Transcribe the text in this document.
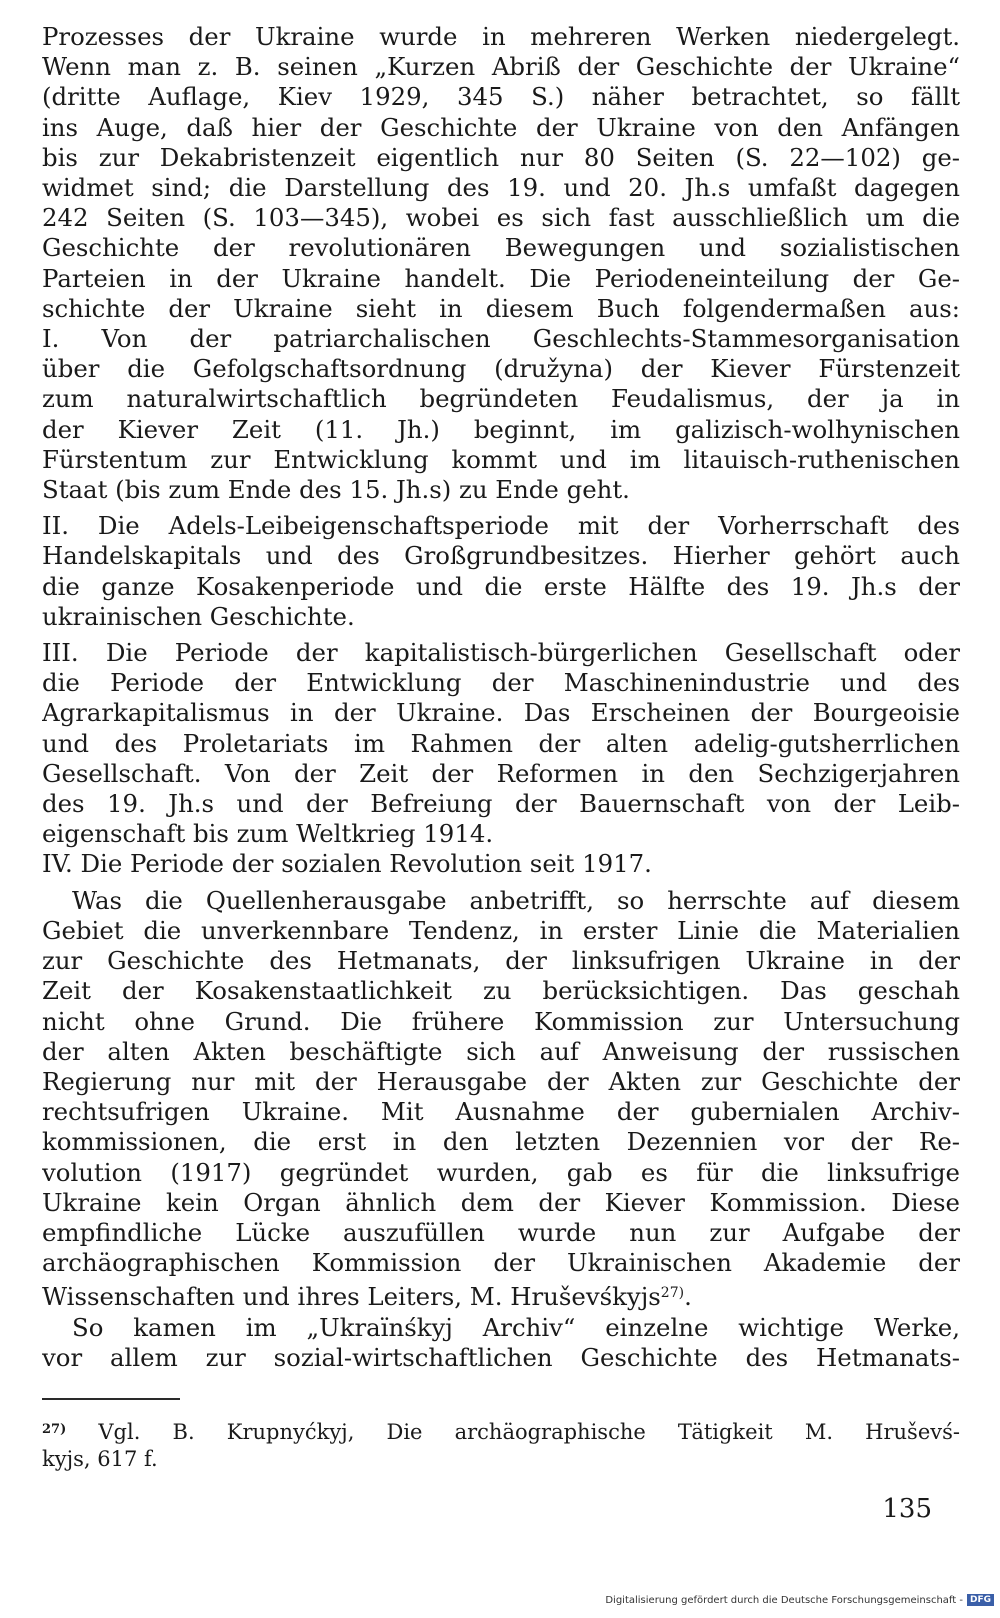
Prozesses der Ukraine wurde in mehreren Werken niedergelegt.
Wenn man z. B. seinen „Kurzen Abriß der Geschichte der Ukraine“
(dritte Auflage, Kiev 1929, 345 S.) näher betrachtet, so fällt
ins Auge, daß hier der Geschichte der Ukraine von den Anfängen
bis zur Dekabristenzeit eigentlich nur 80 Seiten (S. 22—102) ge-
widmet sind; die Darstellung des 19. und 20. Jh.s umfaßt dagegen
242 Seiten (S. 103—345), wobei es sich fast ausschließlich um die
Geschichte der revolutionären Bewegungen und sozialistischen
Parteien in der Ukraine handelt. Die Periodeneinteilung der Ge-
schichte der Ukraine sieht in diesem Buch folgendermaßen aus:
I. Von der patriarchalischen Geschlechts-Stammesorganisation
über die Gefolgschaftsordnung (družyna) der Kiever Fürstenzeit
zum naturalwirtschaftlich begründeten Feudalismus, der ja in
der Kiever Zeit (11. Jh.) beginnt, im galizisch-wolhynischen
Fürstentum zur Entwicklung kommt und im litauisch-ruthenischen
Staat (bis zum Ende des 15. Jh.s) zu Ende geht.
II. Die Adels-Leibeigenschaftsperiode mit der Vorherrschaft des
Handelskapitals und des Großgrundbesitzes. Hierher gehört auch
die ganze Kosakenperiode und die erste Hälfte des 19. Jh.s der
ukrainischen Geschichte.
III. Die Periode der kapitalistisch-bürgerlichen Gesellschaft oder
die Periode der Entwicklung der Maschinenindustrie und des
Agrarkapitalismus in der Ukraine. Das Erscheinen der Bourgeoisie
und des Proletariats im Rahmen der alten adelig-gutsherrlichen
Gesellschaft. Von der Zeit der Reformen in den Sechzigerjahren
des 19. Jh.s und der Befreiung der Bauernschaft von der Leib-
eigenschaft bis zum Weltkrieg 1914.
IV. Die Periode der sozialen Revolution seit 1917.
Was die Quellenherausgabe anbetrifft, so herrschte auf diesem
Gebiet die unverkennbare Tendenz, in erster Linie die Materialien
zur Geschichte des Hetmanats, der linksufrigen Ukraine in der
Zeit der Kosakenstaatlichkeit zu berücksichtigen. Das geschah
nicht ohne Grund. Die frühere Kommission zur Untersuchung
der alten Akten beschäftigte sich auf Anweisung der russischen
Regierung nur mit der Herausgabe der Akten zur Geschichte der
rechtsufrigen Ukraine. Mit Ausnahme der gubernialen Archiv-
kommissionen, die erst in den letzten Dezennien vor der Re-
volution (1917) gegründet wurden, gab es für die linksufrige
Ukraine kein Organ ähnlich dem der Kiever Kommission. Diese
empfindliche Lücke auszufüllen wurde nun zur Aufgabe der
archäographischen Kommission der Ukrainischen Akademie der
Wissenschaften und ihres Leiters, M. Hruševśkyjs$^{27)}$.
So kamen im „Ukraïnśkyj Archiv“ einzelne wichtige Werke,
vor allem zur sozial-wirtschaftlichen Geschichte des Hetmanats-
$^{27)}$ Vgl. B. Krupnyćkyj, Die archäographische Tätigkeit M. Hruševś-
kyjs, 617 f.
135
Digitalisierung gefördert durch die Deutsche Forschungsgemeinschaft - DFG
